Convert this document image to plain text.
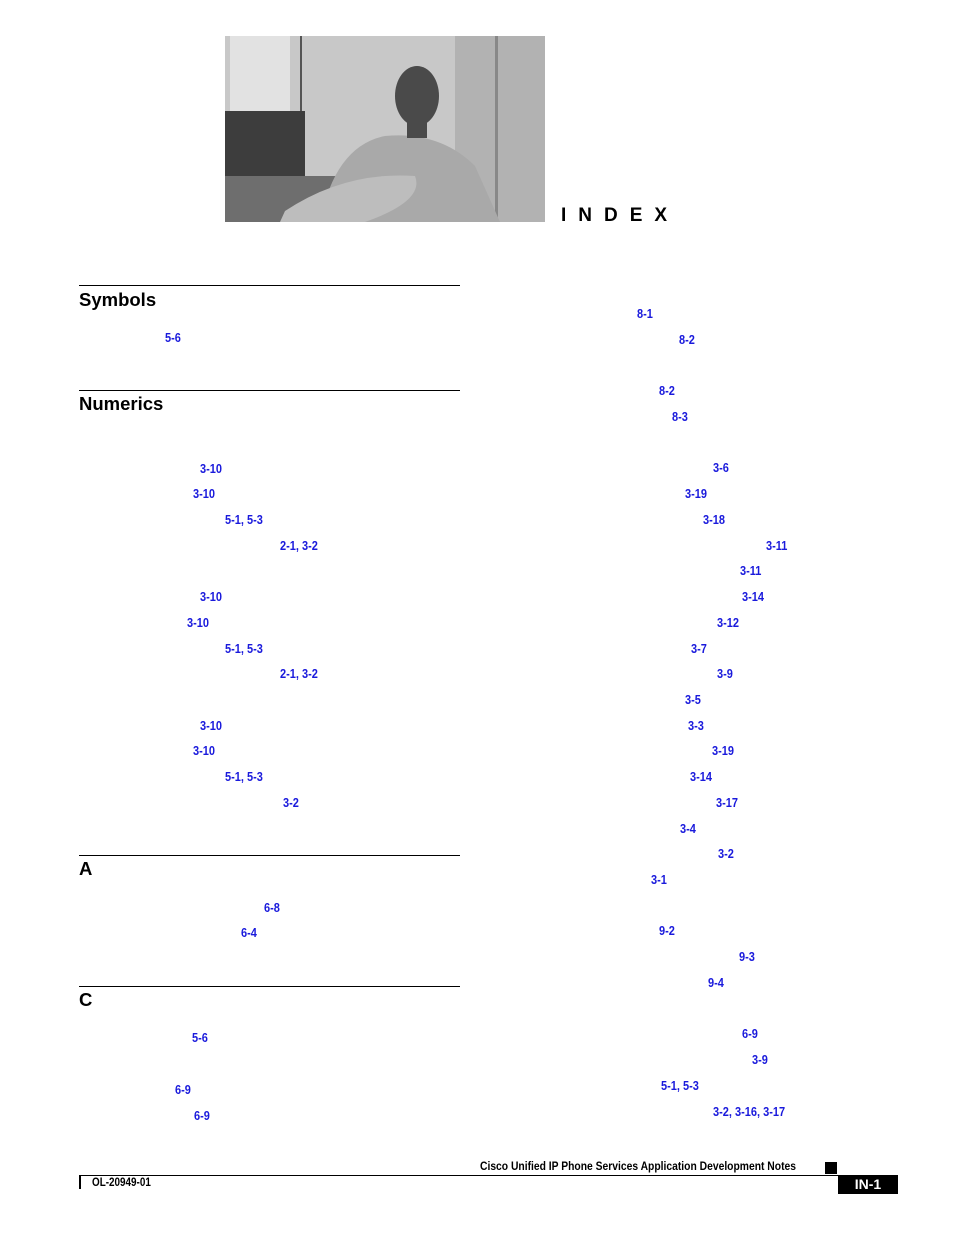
INDEX
Symbols
Numerics
A
C
5-6
3-10
3-10
5-1, 5-3
2-1, 3-2
3-10
3-10
5-1, 5-3
2-1, 3-2
3-10
3-10
5-1, 5-3
3-2
6-8
6-4
5-6
6-9
6-9
8-1
8-2
8-2
8-3
3-6
3-19
3-18
3-11
3-11
3-14
3-12
3-7
3-9
3-5
3-3
3-19
3-14
3-17
3-4
3-2
3-1
9-2
9-3
9-4
6-9
3-9
5-1, 5-3
3-2, 3-16, 3-17
Cisco Unified IP Phone Services Application Development Notes
OL-20949-01	IN-1
